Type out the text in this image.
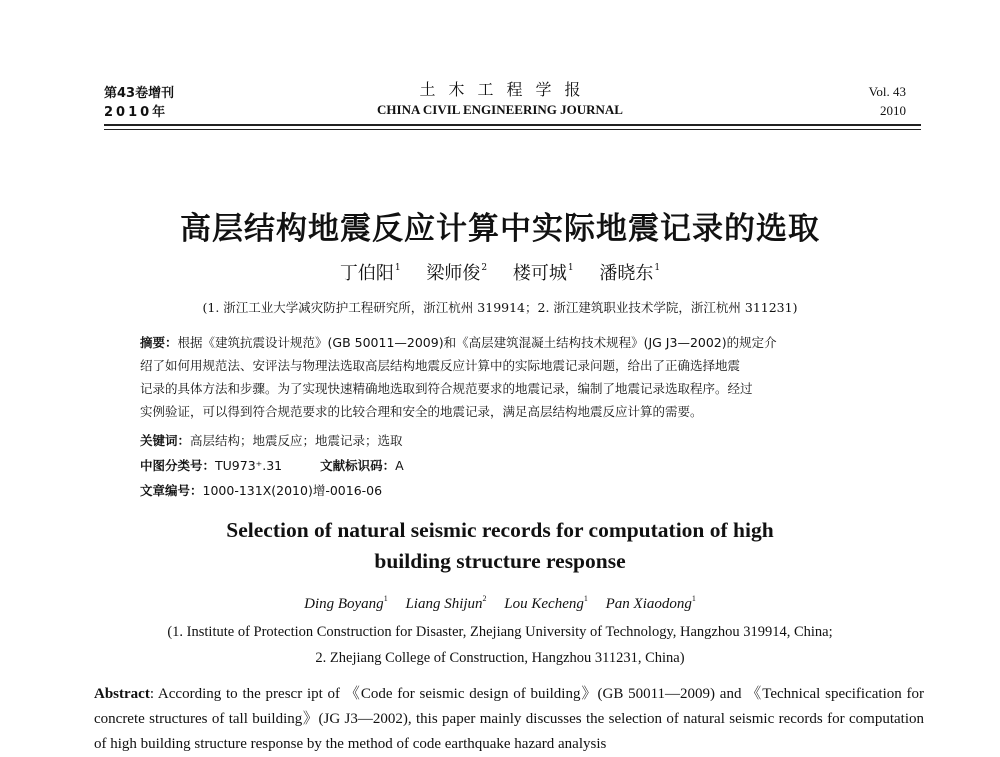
第43卷增刊
2010年
土木工程学报
CHINA CIVIL ENGINEERING JOURNAL
Vol. 43
2010
高层结构地震反应计算中实际地震记录的选取
丁伯阳$^1$ 梁师俊$^2$ 楼可城$^1$ 潘晓东$^1$
(1. 浙江工业大学减灾防护工程研究所，浙江杭州 319914；2. 浙江建筑职业技术学院，浙江杭州 311231)
摘要：根据《建筑抗震设计规范》(GB 50011—2009)和《高层建筑混凝土结构技术规程》(JG J3—2002)的规定介
绍了如何用规范法、安评法与物理法选取高层结构地震反应计算中的实际地震记录问题，给出了正确选择地震
记录的具体方法和步骤。为了实现快速精确地选取到符合规范要求的地震记录，编制了地震记录选取程序。经过
实例验证，可以得到符合规范要求的比较合理和安全的地震记录，满足高层结构地震反应计算的需要。
关键词：高层结构；地震反应；地震记录；选取
中图分类号：TU973⁺.31	文献标识码：A
文章编号：1000-131X(2010)增-0016-06
Selection of natural seismic records for computation of high
building structure response
Ding Boyang$^1$ Liang Shijun$^2$ Lou Kecheng$^1$ Pan Xiaodong$^1$
(1. Institute of Protection Construction for Disaster, Zhejiang University of Technology, Hangzhou 319914, China;
2. Zhejiang College of Construction, Hangzhou 311231, China)
Abstract: According to the prescr ipt of 《Code for seismic design of building》(GB 50011—2009) and 《Technical specification for concrete structures of tall building》(JG J3—2002), this paper mainly discusses the selection of natural seismic records for computation of high building structure response by the method of code earthquake hazard analysis
